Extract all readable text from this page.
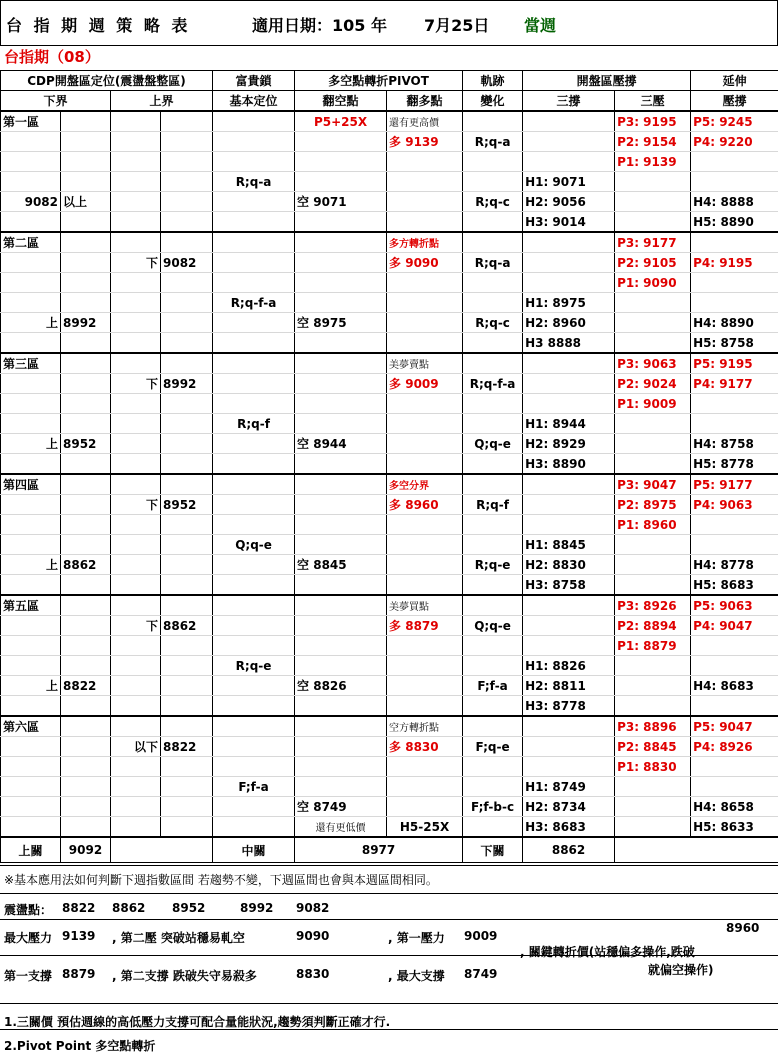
台 指 期 週 策 略 表	適用日期：105 年 7月25日 當週
台指期（08）
CDP開盤區定位(震盪盤整區)				富貴鎖	多空點轉折PIVOT		軌跡	開盤區壓撐		延伸
下界		上界		基本定位	翻空點	翻多點	變化	三撐	三壓	壓撐
第一區					P5+25X	還有更高價			P3: 9195	P5: 9245
						多 9139	R;q-a		P2: 9154	P4: 9220
									P1: 9139	
				R;q-a				H1: 9071		
9082	以上				空 9071		R;q-c	H2: 9056		H4: 8888
								H3: 9014		H5: 8890
第二區						多方轉折點			P3: 9177	
		下	9082			多 9090	R;q-a		P2: 9105	P4: 9195
									P1: 9090	
				R;q-f-a				H1: 8975		
上	8992				空 8975		R;q-c	H2: 8960		H4: 8890
								H3 8888		H5: 8758
第三區						美夢賣點			P3: 9063	P5: 9195
		下	8992			多 9009	R;q-f-a		P2: 9024	P4: 9177
									P1: 9009	
				R;q-f				H1: 8944		
上	8952				空 8944		Q;q-e	H2: 8929		H4: 8758
								H3: 8890		H5: 8778
第四區						多空分界			P3: 9047	P5: 9177
		下	8952			多 8960	R;q-f		P2: 8975	P4: 9063
									P1: 8960	
				Q;q-e				H1: 8845		
上	8862				空 8845		R;q-e	H2: 8830		H4: 8778
								H3: 8758		H5: 8683
第五區						美夢買點			P3: 8926	P5: 9063
		下	8862			多 8879	Q;q-e		P2: 8894	P4: 9047
									P1: 8879	
				R;q-e				H1: 8826		
上	8822				空 8826		F;f-a	H2: 8811		H4: 8683
								H3: 8778		
第六區						空方轉折點			P3: 8896	P5: 9047
		以下	8822			多 8830	F;q-e		P2: 8845	P4: 8926
									P1: 8830	
				F;f-a				H1: 8749		
					空 8749		F;f-b-c	H2: 8734		H4: 8658
					還有更低價	H5-25X		H3: 8683		H5: 8633
上關	9092			中關	8977		下關	8862		
※基本應用法如何判斷下週指數區間 若趨勢不變，下週區間也會與本週區間相同。
震盪點： 8822 8862 8952	8992 9082
最大壓力 9139 , 第二壓 突破站穩易軋空	9090	, 第一壓力 9009
第一支撐 8879 , 第二支撐 跌破失守易殺多	8830	, 最大支撐 8749
8960
, 關鍵轉折價(站穩偏多操作,跌破
就偏空操作)
1.三關價 預估週線的高低壓力支撐可配合量能狀況,趨勢須判斷正確才行.
2.Pivot Point 多空點轉折
